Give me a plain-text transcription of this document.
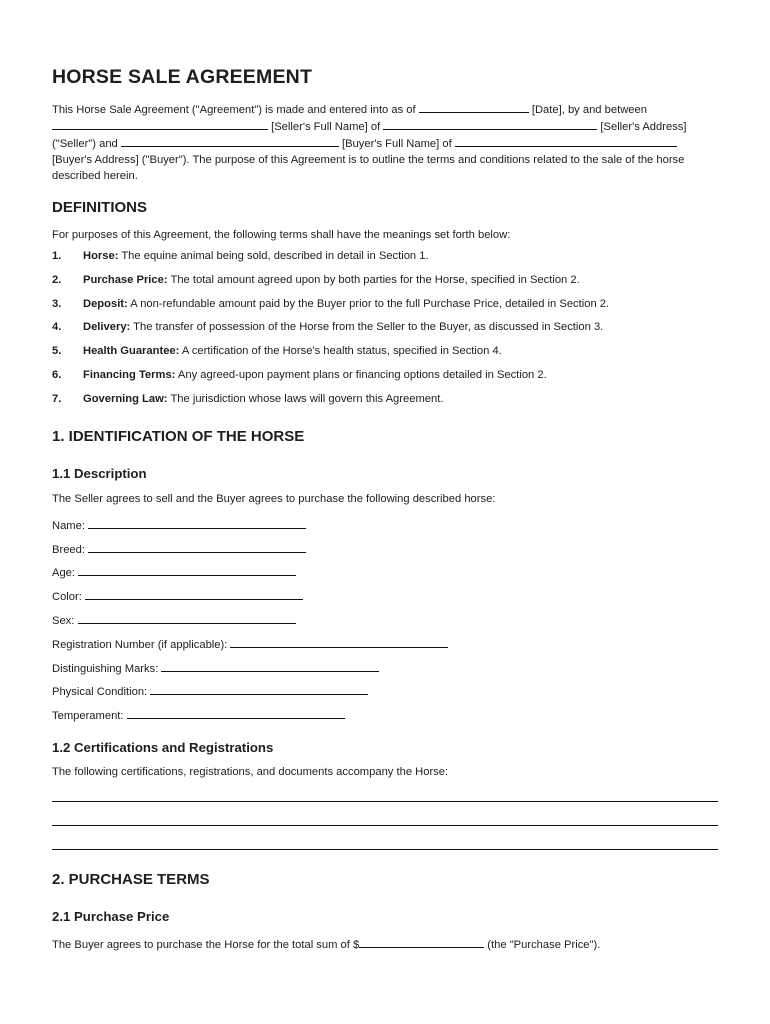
HORSE SALE AGREEMENT

This Horse Sale Agreement ("Agreement") is made and entered into as of	[Date], by and between
[Seller's Full Name] of	[Seller's Address]
("Seller") and	[Buyer's Full Name] of
[Buyer's Address] ("Buyer"). The purpose of this Agreement is to outline the terms and conditions related to the sale of the horse described herein.

DEFINITIONS

For purposes of this Agreement, the following terms shall have the meanings set forth below:

1. Horse: The equine animal being sold, described in detail in Section 1.
2. Purchase Price: The total amount agreed upon by both parties for the Horse, specified in Section 2.
3. Deposit: A non-refundable amount paid by the Buyer prior to the full Purchase Price, detailed in Section 2.
4. Delivery: The transfer of possession of the Horse from the Seller to the Buyer, as discussed in Section 3.
5. Health Guarantee: A certification of the Horse's health status, specified in Section 4.
6. Financing Terms: Any agreed-upon payment plans or financing options detailed in Section 2.
7. Governing Law: The jurisdiction whose laws will govern this Agreement.
1. IDENTIFICATION OF THE HORSE
1.1 Description

The Seller agrees to sell and the Buyer agrees to purchase the following described horse:

Name:

Breed:

Age:

Color:

Sex:

Registration Number (if applicable):

Distinguishing Marks:

Physical Condition:

Temperament:

1.2 Certifications and Registrations

The following certifications, registrations, and documents accompany the Horse:

2. PURCHASE TERMS
2.1 Purchase Price

The Buyer agrees to purchase the Horse for the total sum of $	(the "Purchase Price").
